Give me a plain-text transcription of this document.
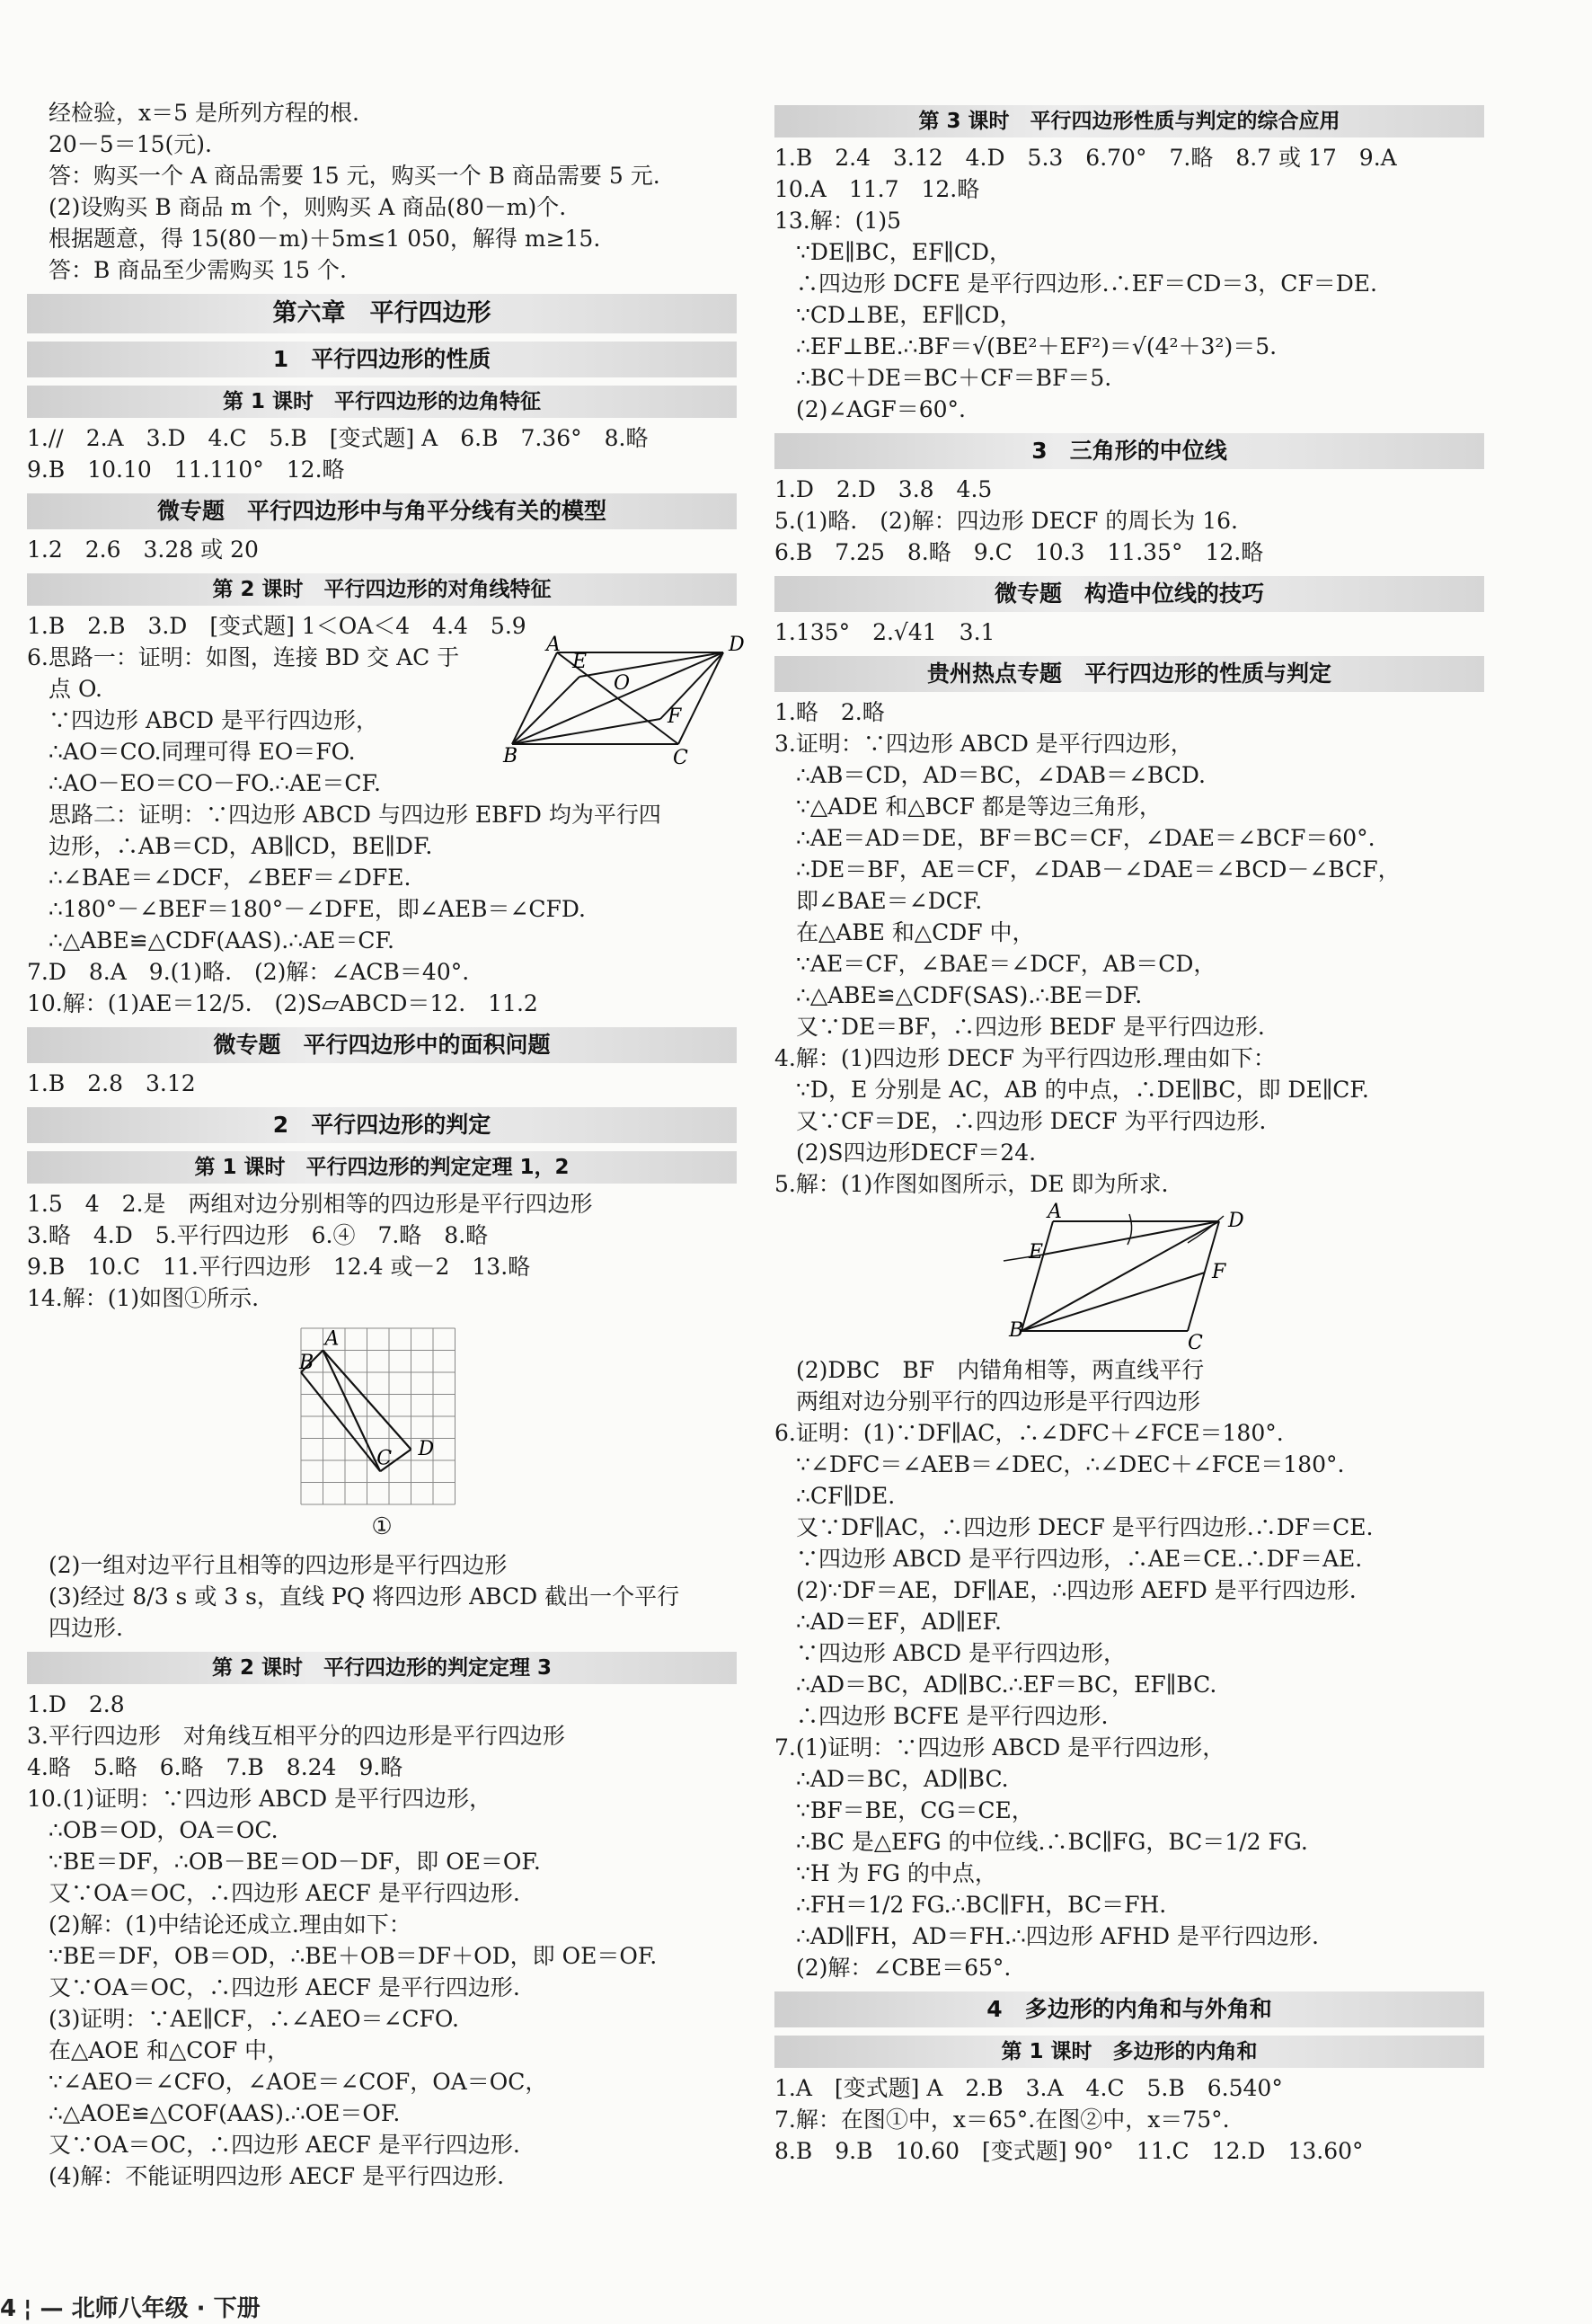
经检验，x＝5 是所列方程的根.
20－5＝15(元).
答：购买一个 A 商品需要 15 元，购买一个 B 商品需要 5 元.
(2)设购买 B 商品 m 个，则购买 A 商品(80－m)个.
根据题意，得 15(80－m)＋5m≤1 050，解得 m≥15.
答：B 商品至少需购买 15 个.
第六章　平行四边形
1　平行四边形的性质
第 1 课时　平行四边形的边角特征
1.//　2.A　3.D　4.C　5.B　[变式题] A　6.B　7.36°　8.略
9.B　10.10　11.110°　12.略
微专题　平行四边形中与角平分线有关的模型
1.2　2.6　3.28 或 20
第 2 课时　平行四边形的对角线特征
1.B　2.B　3.D　[变式题] 1＜OA＜4　4.4　5.9
6.思路一：证明：如图，连接 BD 交 AC 于	A	D
E
O
F
B	C
点 O.
∵四边形 ABCD 是平行四边形，
∴AO＝CO.同理可得 EO＝FO.
∴AO－EO＝CO－FO.∴AE＝CF.
思路二：证明：∵四边形 ABCD 与四边形 EBFD 均为平行四
边形，∴AB＝CD，AB∥CD，BE∥DF.
∴∠BAE＝∠DCF，∠BEF＝∠DFE.
∴180°－∠BEF＝180°－∠DFE，即∠AEB＝∠CFD.
∴△ABE≌△CDF(AAS).∴AE＝CF.
7.D　8.A　9.(1)略.　(2)解：∠ACB＝40°.
10.解：(1)AE＝12/5.　(2)S▱ABCD＝12.　11.2
微专题　平行四边形中的面积问题
1.B　2.8　3.12
2　平行四边形的判定
第 1 课时　平行四边形的判定定理 1，2
1.5　4　2.是　两组对边分别相等的四边形是平行四边形
3.略　4.D　5.平行四边形　6.④　7.略　8.略
9.B　10.C　11.平行四边形　12.4 或－2　13.略
14.解：(1)如图①所示.
A
B
C D
①
(2)一组对边平行且相等的四边形是平行四边形
(3)经过 8/3 s 或 3 s，直线 PQ 将四边形 ABCD 截出一个平行
四边形.
第 2 课时　平行四边形的判定定理 3
1.D　2.8
3.平行四边形　对角线互相平分的四边形是平行四边形
4.略　5.略　6.略　7.B　8.24　9.略
10.(1)证明：∵四边形 ABCD 是平行四边形，
∴OB＝OD，OA＝OC.
∵BE＝DF，∴OB－BE＝OD－DF，即 OE＝OF.
又∵OA＝OC，∴四边形 AECF 是平行四边形.
(2)解：(1)中结论还成立.理由如下：
∵BE＝DF，OB＝OD，∴BE＋OB＝DF＋OD，即 OE＝OF.
又∵OA＝OC，∴四边形 AECF 是平行四边形.
(3)证明：∵AE∥CF，∴∠AEO＝∠CFO.
在△AOE 和△COF 中，
∵∠AEO＝∠CFO，∠AOE＝∠COF，OA＝OC，
∴△AOE≌△COF(AAS).∴OE＝OF.
又∵OA＝OC，∴四边形 AECF 是平行四边形.
(4)解：不能证明四边形 AECF 是平行四边形.
第 3 课时　平行四边形性质与判定的综合应用
1.B　2.4　3.12　4.D　5.3　6.70°　7.略　8.7 或 17　9.A
10.A　11.7　12.略
13.解：(1)5
∵DE∥BC，EF∥CD，
∴四边形 DCFE 是平行四边形.∴EF＝CD＝3，CF＝DE.
∵CD⊥BE，EF∥CD，
∴EF⊥BE.∴BF＝√(BE²＋EF²)＝√(4²＋3²)＝5.
∴BC＋DE＝BC＋CF＝BF＝5.
(2)∠AGF＝60°.
3　三角形的中位线
1.D　2.D　3.8　4.5
5.(1)略.　(2)解：四边形 DECF 的周长为 16.
6.B　7.25　8.略　9.C　10.3　11.35°　12.略
微专题　构造中位线的技巧
1.135°　2.√41　3.1
贵州热点专题　平行四边形的性质与判定
1.略　2.略
3.证明：∵四边形 ABCD 是平行四边形，
∴AB＝CD，AD＝BC，∠DAB＝∠BCD.
∵△ADE 和△BCF 都是等边三角形，
∴AE＝AD＝DE，BF＝BC＝CF，∠DAE＝∠BCF＝60°.
∴DE＝BF，AE＝CF，∠DAB－∠DAE＝∠BCD－∠BCF，
即∠BAE＝∠DCF.
在△ABE 和△CDF 中，
∵AE＝CF，∠BAE＝∠DCF，AB＝CD，
∴△ABE≌△CDF(SAS).∴BE＝DF.
又∵DE＝BF，∴四边形 BEDF 是平行四边形.
4.解：(1)四边形 DECF 为平行四边形.理由如下：
∵D，E 分别是 AC，AB 的中点，∴DE∥BC，即 DE∥CF.
又∵CF＝DE，∴四边形 DECF 为平行四边形.
(2)S四边形DECF＝24.
5.解：(1)作图如图所示，DE 即为所求.
A
E
D
F
B
C
(2)DBC　BF　内错角相等，两直线平行
两组对边分别平行的四边形是平行四边形
6.证明：(1)∵DF∥AC，∴∠DFC＋∠FCE＝180°.
∵∠DFC＝∠AEB＝∠DEC，∴∠DEC＋∠FCE＝180°.
∴CF∥DE.
又∵DF∥AC，∴四边形 DECF 是平行四边形.∴DF＝CE.
∵四边形 ABCD 是平行四边形，∴AE＝CE.∴DF＝AE.
(2)∵DF＝AE，DF∥AE，∴四边形 AEFD 是平行四边形.
∴AD＝EF，AD∥EF.
∵四边形 ABCD 是平行四边形，
∴AD＝BC，AD∥BC.∴EF＝BC，EF∥BC.
∴四边形 BCFE 是平行四边形.
7.(1)证明：∵四边形 ABCD 是平行四边形，
∴AD＝BC，AD∥BC.
∵BF＝BE，CG＝CE，
∴BC 是△EFG 的中位线.∴BC∥FG，BC＝1/2 FG.
∵H 为 FG 的中点，
∴FH＝1/2 FG.∴BC∥FH，BC＝FH.
∴AD∥FH，AD＝FH.∴四边形 AFHD 是平行四边形.
(2)解：∠CBE＝65°.
4　多边形的内角和与外角和
第 1 课时　多边形的内角和
1.A　[变式题] A　2.B　3.A　4.C　5.B　6.540°
7.解：在图①中，x＝65°.在图②中，x＝75°.
8.B　9.B　10.60　[变式题] 90°　11.C　12.D　13.60°
4 ¦ — 北师八年级 · 下册
